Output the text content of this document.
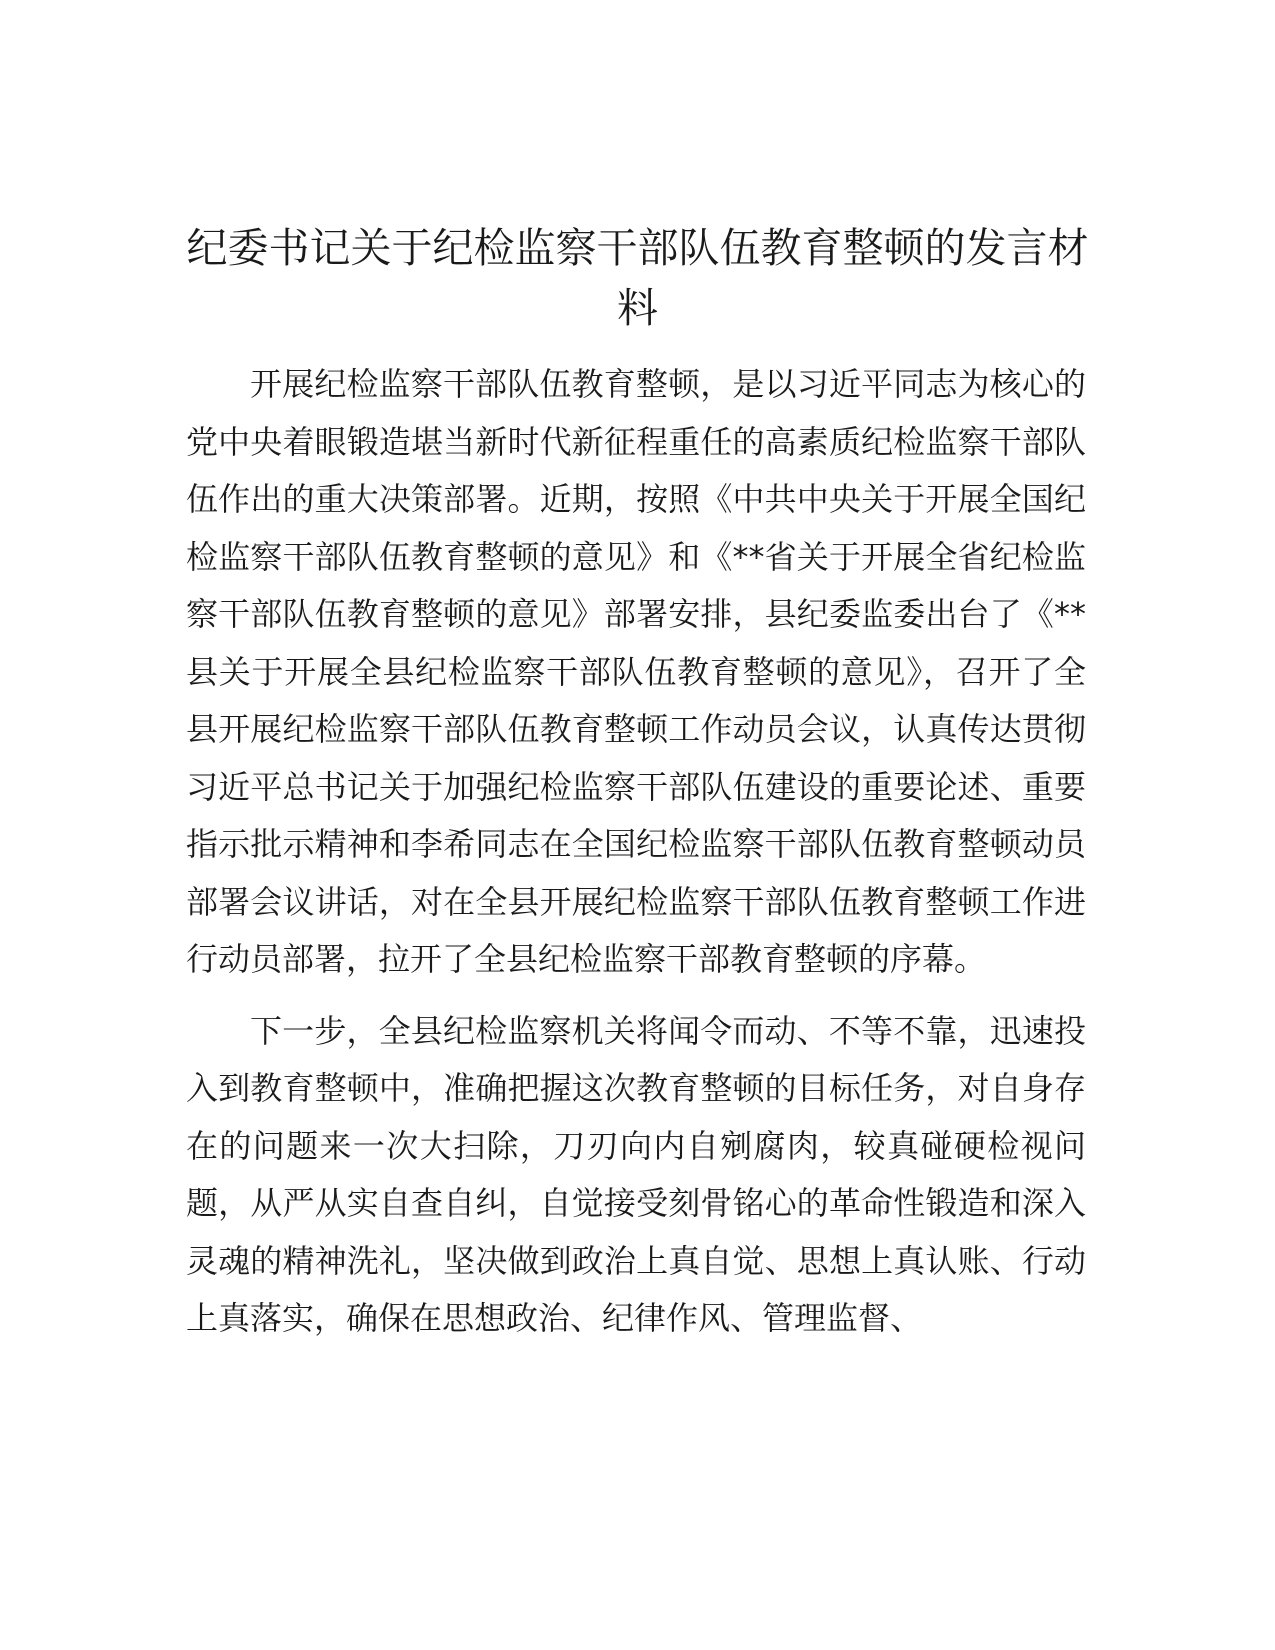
纪委书记关于纪检监察干部队伍教育整顿的发言材料

开展纪检监察干部队伍教育整顿，是以习近平同志为核心的党中央着眼锻造堪当新时代新征程重任的高素质纪检监察干部队伍作出的重大决策部署。近期，按照《中共中央关于开展全国纪检监察干部队伍教育整顿的意见》和《**省关于开展全省纪检监察干部队伍教育整顿的意见》部署安排，县纪委监委出台了《**县关于开展全县纪检监察干部队伍教育整顿的意见》，召开了全县开展纪检监察干部队伍教育整顿工作动员会议，认真传达贯彻习近平总书记关于加强纪检监察干部队伍建设的重要论述、重要指示批示精神和李希同志在全国纪检监察干部队伍教育整顿动员部署会议讲话，对在全县开展纪检监察干部队伍教育整顿工作进行动员部署，拉开了全县纪检监察干部教育整顿的序幕。

下一步，全县纪检监察机关将闻令而动、不等不靠，迅速投入到教育整顿中，准确把握这次教育整顿的目标任务，对自身存在的问题来一次大扫除，刀刃向内自剜腐肉，较真碰硬检视问题，从严从实自查自纠，自觉接受刻骨铭心的革命性锻造和深入灵魂的精神洗礼，坚决做到政治上真自觉、思想上真认账、行动上真落实，确保在思想政治、纪律作风、管理监督、
